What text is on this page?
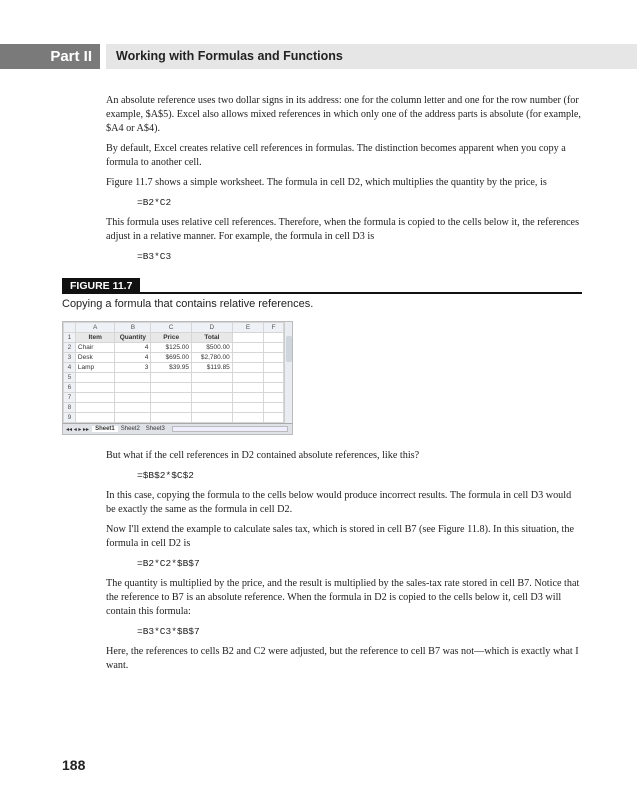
Part II	Working with Formulas and Functions

An absolute reference uses two dollar signs in its address: one for the column letter and one for the row number (for example, $A$5). Excel also allows mixed references in which only one of the address parts is absolute (for example, $A4 or A$4).

By default, Excel creates relative cell references in formulas. The distinction becomes apparent when you copy a formula to another cell.

Figure 11.7 shows a simple worksheet. The formula in cell D2, which multiplies the quantity by the price, is

=B2*C2

This formula uses relative cell references. Therefore, when the formula is copied to the cells below it, the references adjust in a relative manner. For example, the formula in cell D3 is

=B3*C3
FIGURE 11.7
Copying a formula that contains relative references.
	A	B	C	D	E	F
1	Item	Quantity	Price	Total		
2	Chair	4	$125.00	$500.00		
3	Desk	4	$695.00	$2,780.00		
4	Lamp	3	$39.95	$119.85		
5						
6						
7						
8						
9						
◂◂ ◂ ▸ ▸▸	Sheet1	Sheet2	Sheet3

But what if the cell references in D2 contained absolute references, like this?

=$B$2*$C$2

In this case, copying the formula to the cells below would produce incorrect results. The formula in cell D3 would be exactly the same as the formula in cell D2.

Now I'll extend the example to calculate sales tax, which is stored in cell B7 (see Figure 11.8). In this situation, the formula in cell D2 is

=B2*C2*$B$7

The quantity is multiplied by the price, and the result is multiplied by the sales-tax rate stored in cell B7. Notice that the reference to B7 is an absolute reference. When the formula in D2 is copied to the cells below it, cell D3 will contain this formula:

=B3*C3*$B$7

Here, the references to cells B2 and C2 were adjusted, but the reference to cell B7 was not—which is exactly what I want.

188
